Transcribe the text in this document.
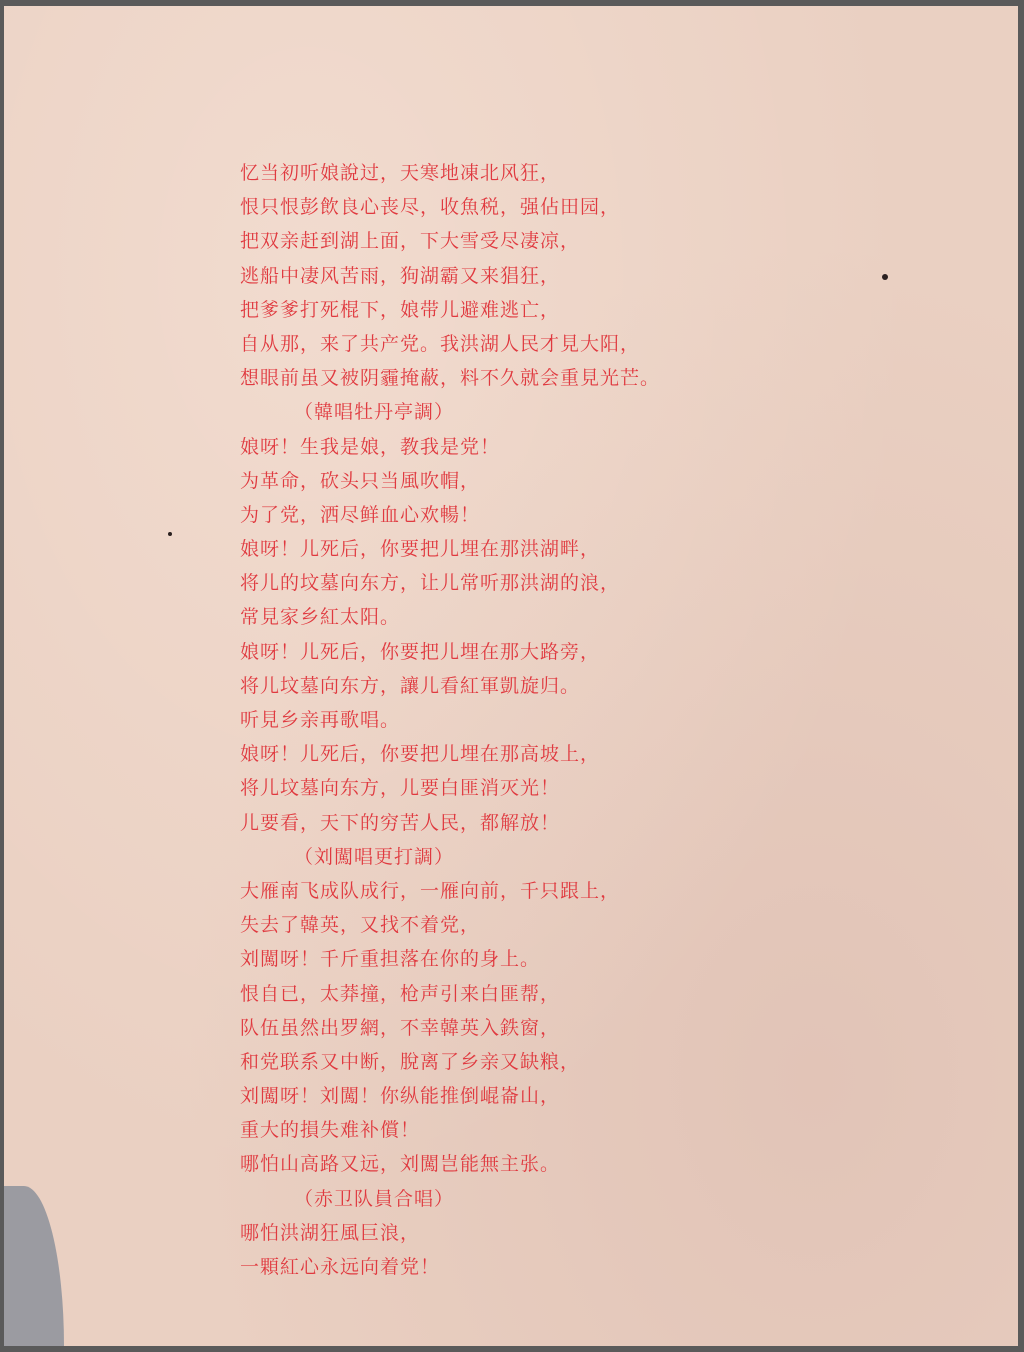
忆当初听娘說过，天寒地凍北风狂，
恨只恨彭飲良心丧尽，收魚税，强佔田园，
把双亲赶到湖上面，下大雪受尽凄凉，
逃船中凄风苦雨，狗湖霸又来猖狂，
把爹爹打死棍下，娘带儿避难逃亡，
自从那，来了共产党。我洪湖人民才見大阳，
想眼前虽又被阴霾掩蔽，料不久就会重見光芒。
（韓唱牡丹亭調）
娘呀！生我是娘，教我是党！
为革命，砍头只当風吹帽，
为了党，洒尽鲜血心欢暢！
娘呀！儿死后，你要把儿埋在那洪湖畔，
将儿的坟墓向东方，让儿常听那洪湖的浪，
常見家乡紅太阳。
娘呀！儿死后，你要把儿埋在那大路旁，
将儿坟墓向东方，讓儿看紅軍凱旋归。
听見乡亲再歌唱。
娘呀！儿死后，你要把儿埋在那高坡上，
将儿坟墓向东方，儿要白匪消灭光！
儿要看，天下的穷苦人民，都解放！
（刘闖唱更打調）
大雁南飞成队成行，一雁向前，千只跟上，
失去了韓英，又找不着党，
刘闖呀！千斤重担落在你的身上。
恨自已，太莽撞，枪声引来白匪帮，
队伍虽然出罗網，不幸韓英入鉄窗，
和党联系又中断，脫离了乡亲又缺粮，
刘闖呀！刘闖！你纵能推倒崐崙山，
重大的損失难补償！
哪怕山高路又远，刘闖岂能無主张。
（赤卫队員合唱）
哪怕洪湖狂風巨浪，
一顆紅心永远向着党！
